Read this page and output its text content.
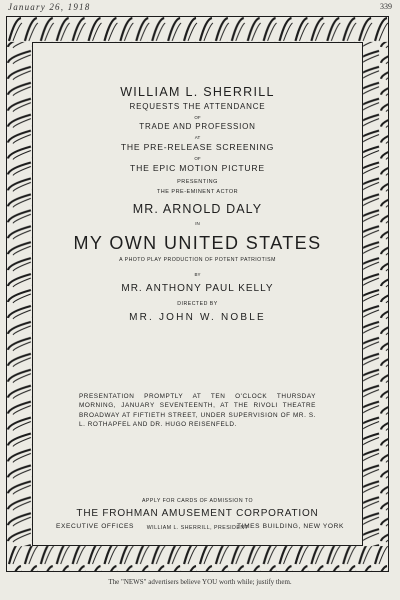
January 26, 1918	339
WILLIAM L. SHERRILL
REQUESTS THE ATTENDANCE
OF
TRADE AND PROFESSION
AT
THE PRE-RELEASE SCREENING
OF
THE EPIC MOTION PICTURE
PRESENTING
THE PRE-EMINENT ACTOR
MR. ARNOLD DALY
IN
MY OWN UNITED STATES
A PHOTO PLAY PRODUCTION OF POTENT PATRIOTISM
BY
MR. ANTHONY PAUL KELLY
DIRECTED BY
MR. JOHN W. NOBLE
PRESENTATION PROMPTLY AT TEN O'CLOCK THURSDAY MORNING, JANUARY SEVENTEENTH, AT THE RIVOLI THEATRE BROADWAY AT FIFTIETH STREET, UNDER SUPERVISION OF MR. S. L. ROTHAPFEL AND DR. HUGO REISENFELD.
APPLY FOR CARDS OF ADMISSION TO
THE FROHMAN AMUSEMENT CORPORATION
WILLIAM L. SHERRILL, PRESIDENT
EXECUTIVE OFFICES	TIMES BUILDING, NEW YORK
The "NEWS" advertisers believe YOU worth while; justify them.
